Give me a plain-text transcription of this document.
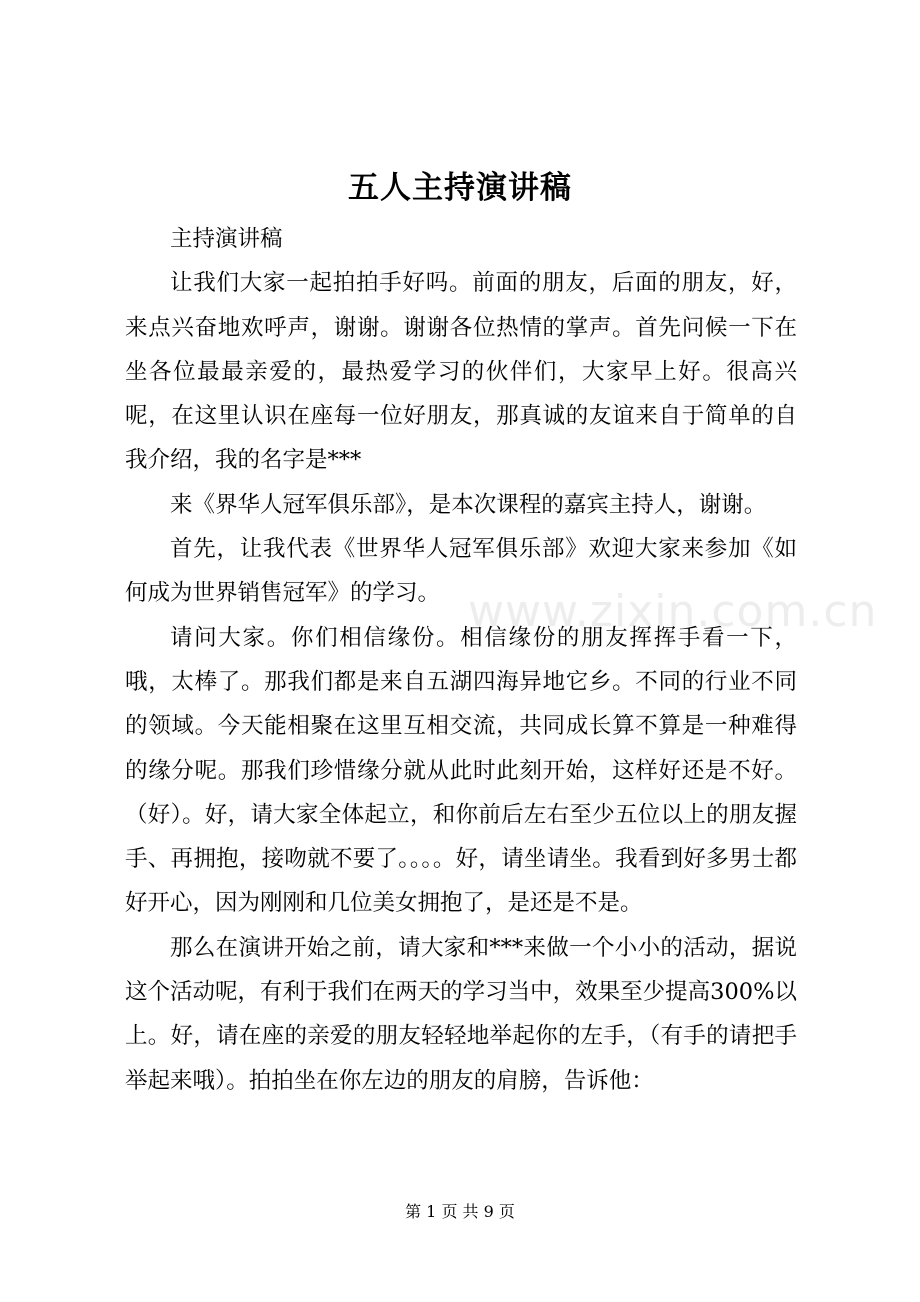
www.zixin.com.cn
五人主持演讲稿

主持演讲稿

让我们大家一起拍拍手好吗。前面的朋友，后面的朋友，好，来点兴奋地欢呼声，谢谢。谢谢各位热情的掌声。首先问候一下在坐各位最最亲爱的，最热爱学习的伙伴们，大家早上好。很高兴呢，在这里认识在座每一位好朋友，那真诚的友谊来自于简单的自我介绍，我的名字是***

来《界华人冠军俱乐部》，是本次课程的嘉宾主持人，谢谢。

首先，让我代表《世界华人冠军俱乐部》欢迎大家来参加《如何成为世界销售冠军》的学习。

请问大家。你们相信缘份。相信缘份的朋友挥挥手看一下，哦，太棒了。那我们都是来自五湖四海异地它乡。不同的行业不同的领域。今天能相聚在这里互相交流，共同成长算不算是一种难得的缘分呢。那我们珍惜缘分就从此时此刻开始，这样好还是不好。（好）。好，请大家全体起立，和你前后左右至少五位以上的朋友握手、再拥抱，接吻就不要了。。。。好，请坐请坐。我看到好多男士都好开心，因为刚刚和几位美女拥抱了，是还是不是。

那么在演讲开始之前，请大家和***来做一个小小的活动，据说这个活动呢，有利于我们在两天的学习当中，效果至少提高300%以上。好，请在座的亲爱的朋友轻轻地举起你的左手，（有手的请把手举起来哦）。拍拍坐在你左边的朋友的肩膀，告诉他：

第 1 页 共 9 页
